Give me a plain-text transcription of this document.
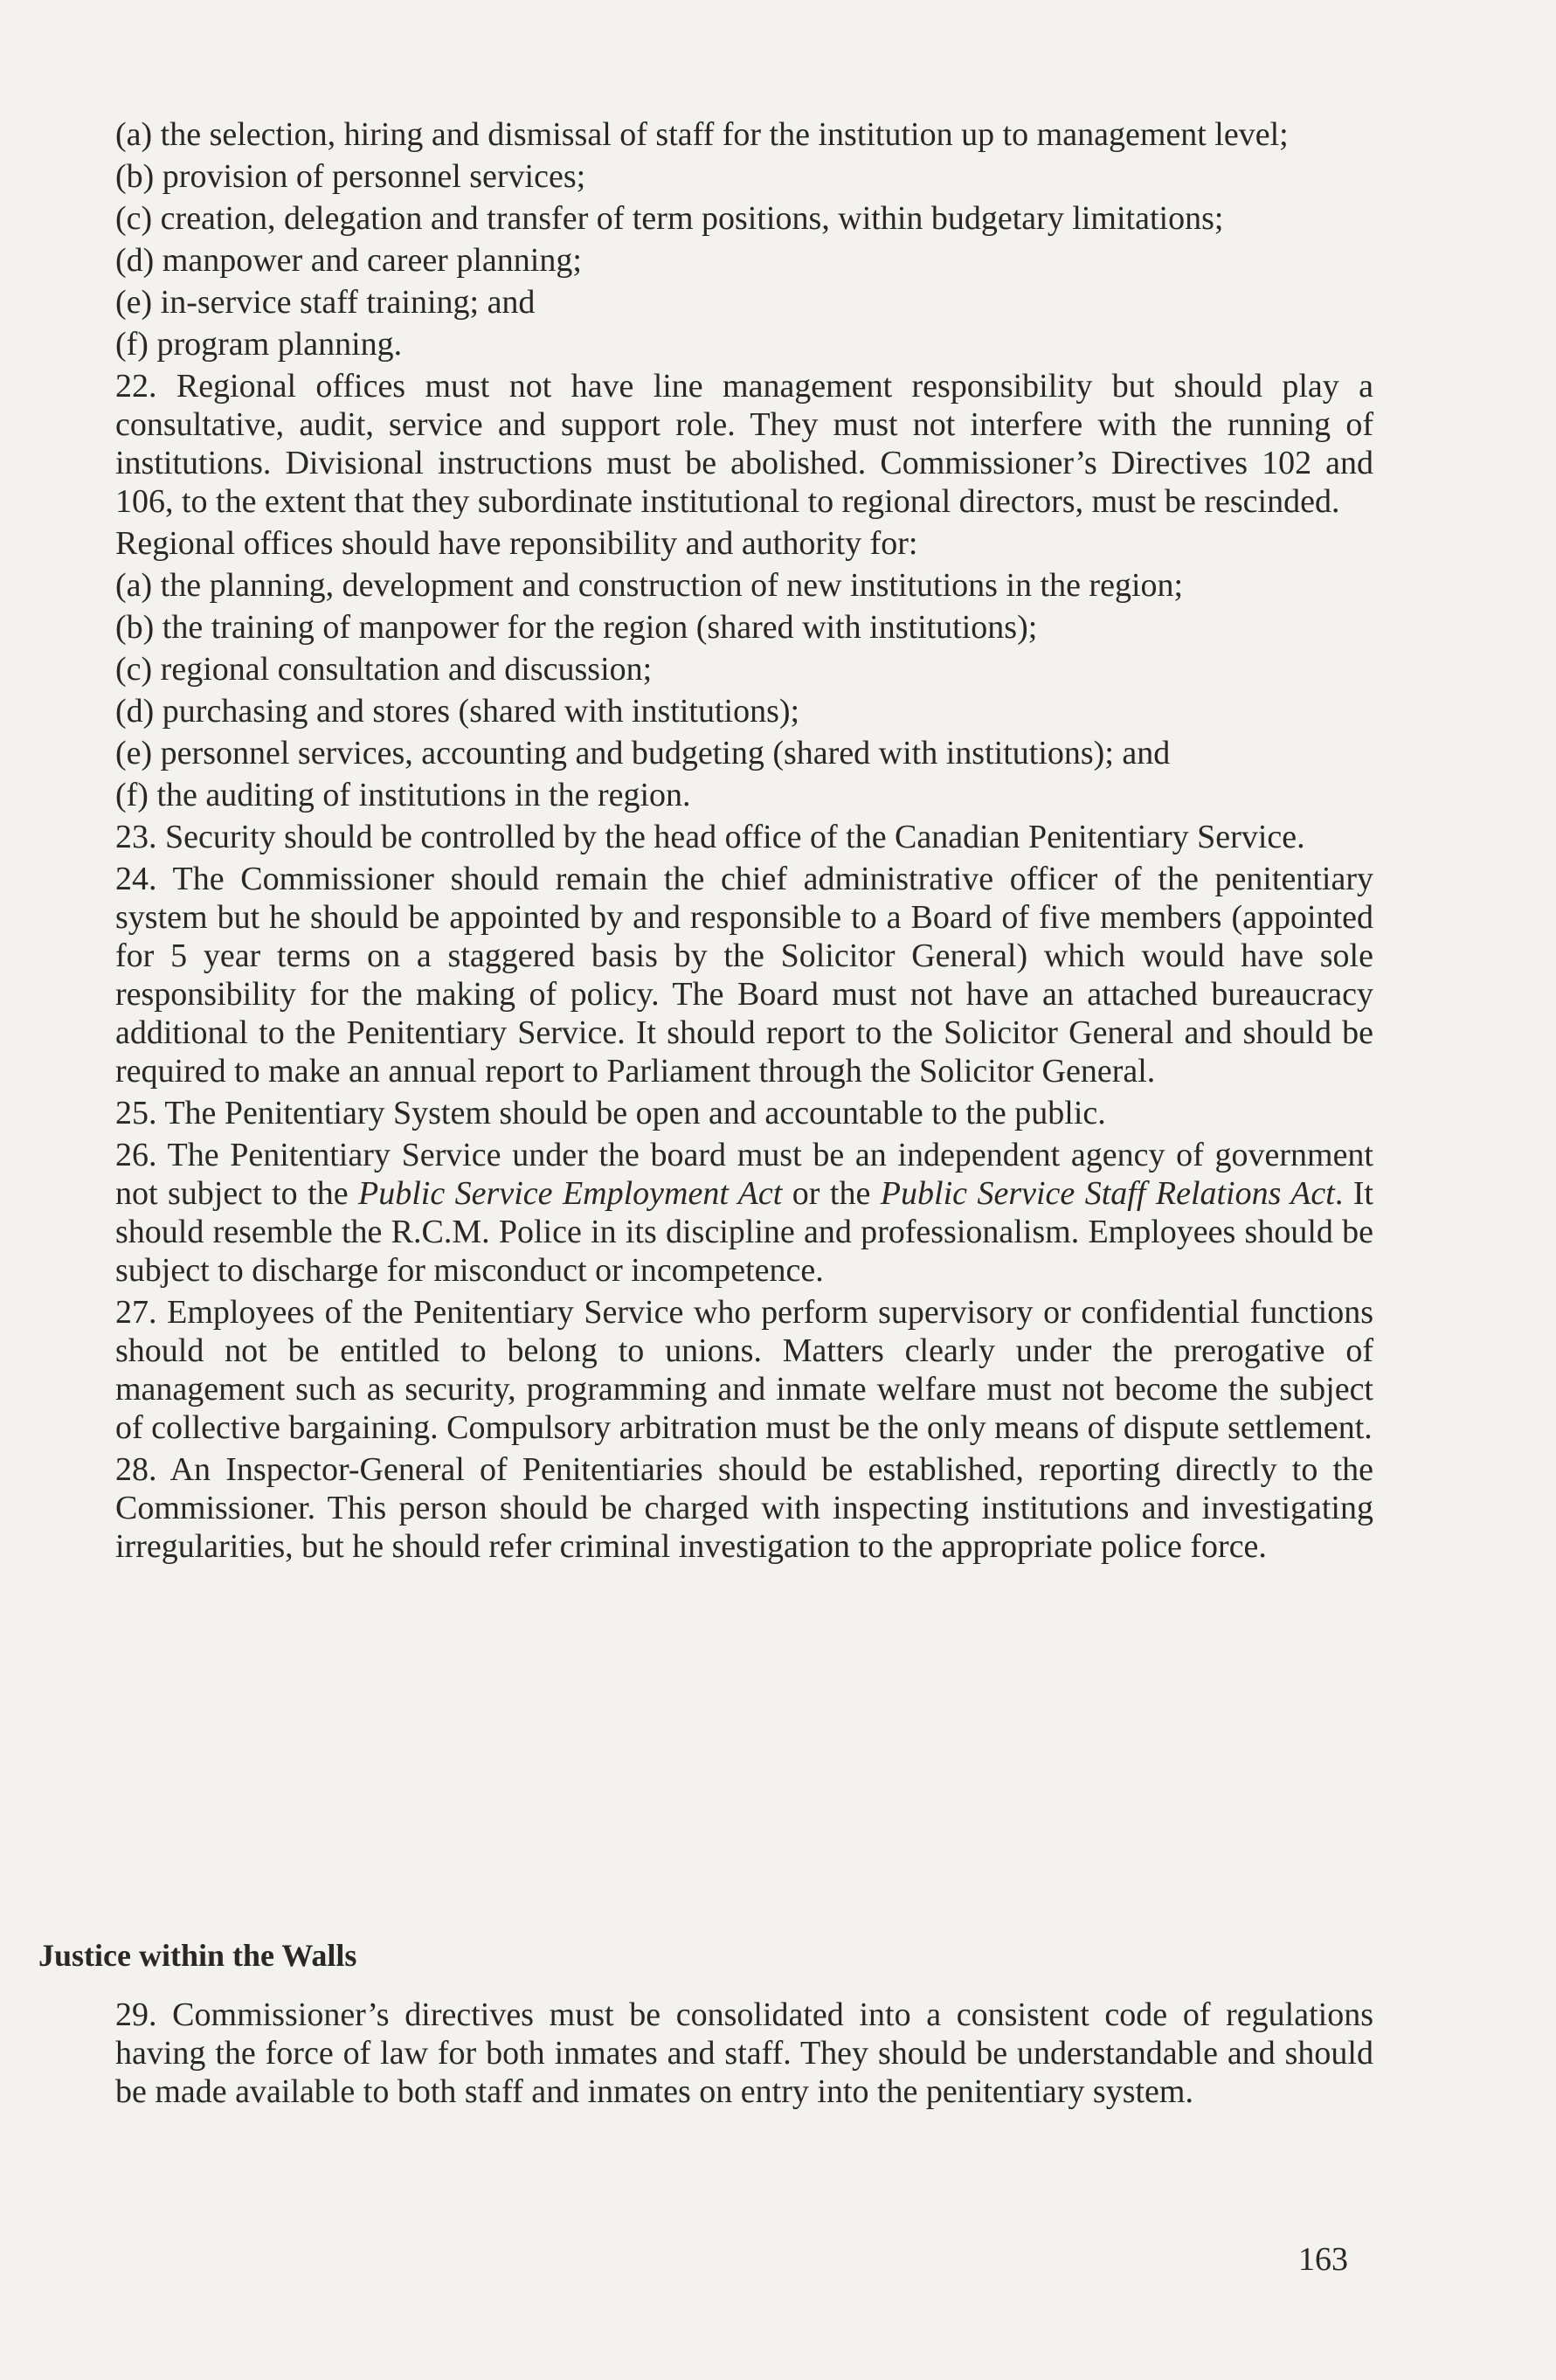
(a) the selection, hiring and dismissal of staff for the institution up to management level;

(b) provision of personnel services;

(c) creation, delegation and transfer of term positions, within budgetary limitations;

(d) manpower and career planning;

(e) in-service staff training; and

(f) program planning.

22. Regional offices must not have line management responsibility but should play a consultative, audit, service and support role. They must not interfere with the running of institutions. Divisional instructions must be abolished. Commissioner’s Directives 102 and 106, to the extent that they subordinate institutional to regional directors, must be rescinded.

Regional offices should have reponsibility and authority for:

(a) the planning, development and construction of new institutions in the region;

(b) the training of manpower for the region (shared with institutions);

(c) regional consultation and discussion;

(d) purchasing and stores (shared with institutions);

(e) personnel services, accounting and budgeting (shared with institutions); and

(f) the auditing of institutions in the region.

23. Security should be controlled by the head office of the Canadian Penitentiary Service.

24. The Commissioner should remain the chief administrative officer of the penitentiary system but he should be appointed by and responsible to a Board of five members (appointed for 5 year terms on a staggered basis by the Solicitor General) which would have sole responsibility for the making of policy. The Board must not have an attached bureaucracy additional to the Penitentiary Service. It should report to the Solicitor General and should be required to make an annual report to Parliament through the Solicitor General.

25. The Penitentiary System should be open and accountable to the public.

26. The Penitentiary Service under the board must be an independent agency of government not subject to the Public Service Employment Act or the Public Service Staff Relations Act. It should resemble the R.C.M. Police in its discipline and professionalism. Employees should be subject to discharge for misconduct or incompetence.

27. Employees of the Penitentiary Service who perform supervisory or confidential functions should not be entitled to belong to unions. Matters clearly under the prerogative of management such as security, programming and inmate welfare must not become the subject of collective bargaining. Compulsory arbitration must be the only means of dispute settlement.

28. An Inspector-General of Penitentiaries should be established, reporting directly to the Commissioner. This person should be charged with inspecting institutions and investigating irregularities, but he should refer criminal investigation to the appropriate police force.

Justice within the Walls

29. Commissioner’s directives must be consolidated into a consistent code of regulations having the force of law for both inmates and staff. They should be understandable and should be made available to both staff and inmates on entry into the penitentiary system.

163
